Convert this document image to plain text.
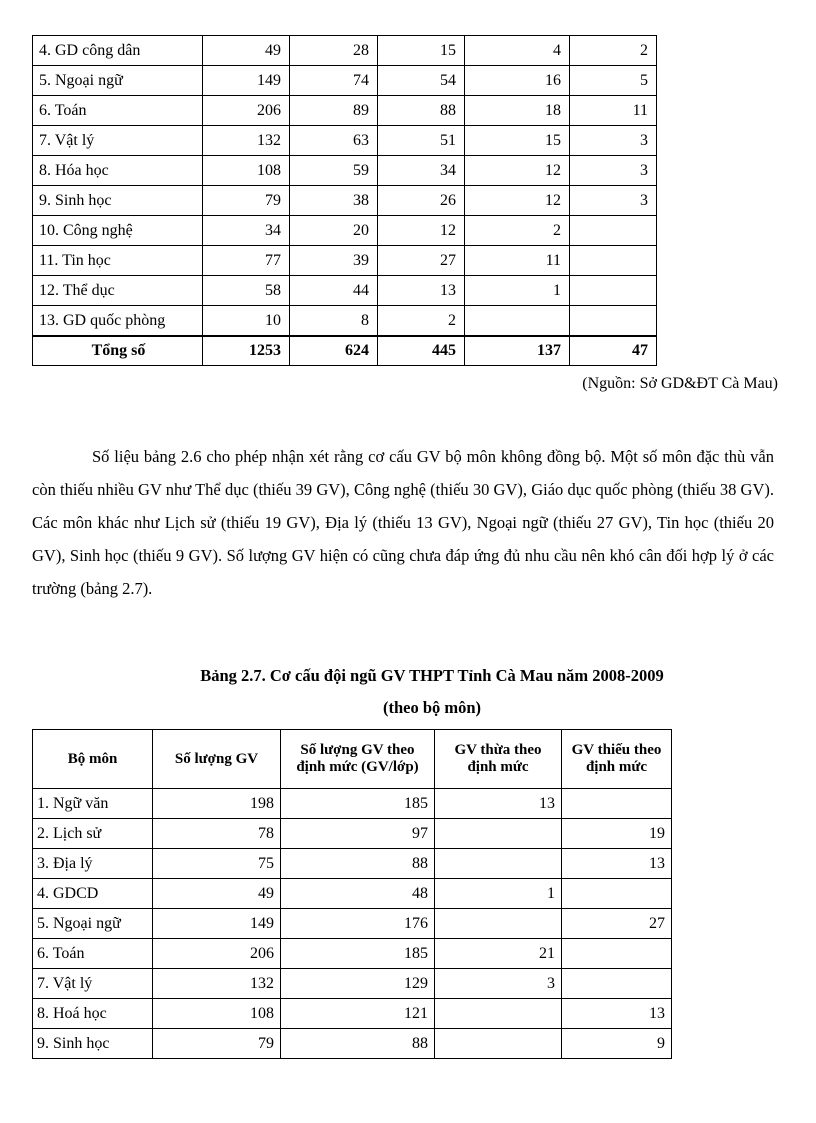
4. GD công dân	49	28	15	4	2
5. Ngoại ngữ	149	74	54	16	5
6. Toán	206	89	88	18	11
7. Vật lý	132	63	51	15	3
8. Hóa học	108	59	34	12	3
9. Sinh học	79	38	26	12	3
10. Công nghệ	34	20	12	2	
11. Tin học	77	39	27	11	
12. Thể dục	58	44	13	1	
13. GD quốc phòng	10	8	2		
Tổng số	1253	624	445	137	47
(Nguồn: Sở GD&ĐT Cà Mau)

Số liệu bảng 2.6 cho phép nhận xét rằng cơ cấu GV bộ môn không đồng bộ. Một số môn đặc thù vẫn còn thiếu nhiều GV như Thể dục (thiếu 39 GV), Công nghệ (thiếu 30 GV), Giáo dục quốc phòng (thiếu 38 GV). Các môn khác như Lịch sử (thiếu 19 GV), Địa lý (thiếu 13 GV), Ngoại ngữ (thiếu 27 GV), Tin học (thiếu 20 GV), Sinh học (thiếu 9 GV). Số lượng GV hiện có cũng chưa đáp ứng đủ nhu cầu nên khó cân đối hợp lý ở các trường (bảng 2.7).

Bảng 2.7. Cơ cấu đội ngũ GV THPT Tỉnh Cà Mau năm 2008-2009
(theo bộ môn)
Bộ môn	Số lượng GV	Số lượng GV theo định mức (GV/lớp)	GV thừa theo định mức	GV thiếu theo định mức
1. Ngữ văn	198	185	13	
2. Lịch sử	78	97		19
3. Địa lý	75	88		13
4. GDCD	49	48	1	
5. Ngoại ngữ	149	176		27
6. Toán	206	185	21	
7. Vật lý	132	129	3	
8. Hoá học	108	121		13
9. Sinh học	79	88		9
